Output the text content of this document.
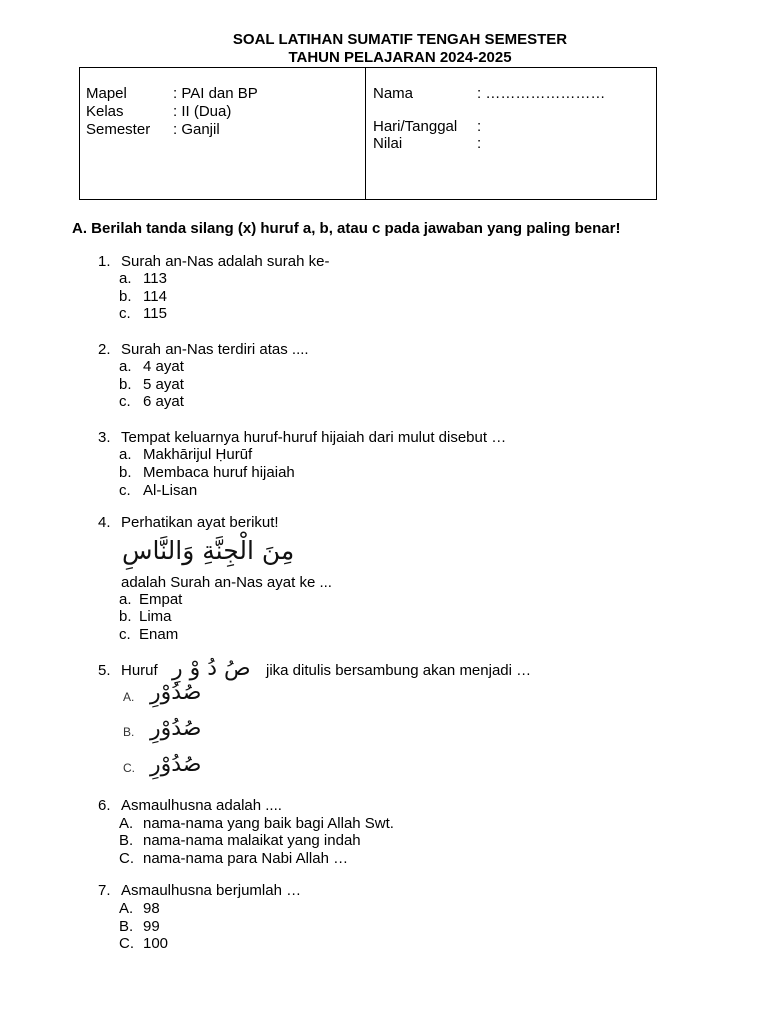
SOAL LATIHAN SUMATIF TENGAH SEMESTER
TAHUN PELAJARAN 2024-2025
Mapel	: PAI dan BP
Kelas	: II (Dua)
Semester : Ganjil
Nama	: ……………………
Hari/Tanggal :
Nilai	:
A. Berilah tanda silang (x) huruf a, b, atau c pada jawaban yang paling benar!
1. Surah an-Nas adalah surah ke-
a. 113
b. 114
c. 115
2. Surah an-Nas terdiri atas ....
a. 4 ayat
b. 5 ayat
c. 6 ayat
3. Tempat keluarnya huruf-huruf hijaiah dari mulut disebut …
a. Makhārijul Ḥurūf
b. Membaca huruf hijaiah
c. Al-Lisan
4. Perhatikan ayat berikut!
مِنَ الْجِنَّةِ وَالنَّاسِ
adalah Surah an-Nas ayat ke ...
a. Empat
b. Lima
c. Enam
5. Huruf	jika ditulis bersambung akan menjadi …
صُ دُ وْ رِ
A. صُدُوْرِ
B. صُدُوْرِ
C. صُدُوْرِ
6. Asmaulhusna adalah ....
A. nama-nama yang baik bagi Allah Swt.
B. nama-nama malaikat yang indah
C. nama-nama para Nabi Allah …
7. Asmaulhusna berjumlah …
A. 98
B. 99
C. 100
